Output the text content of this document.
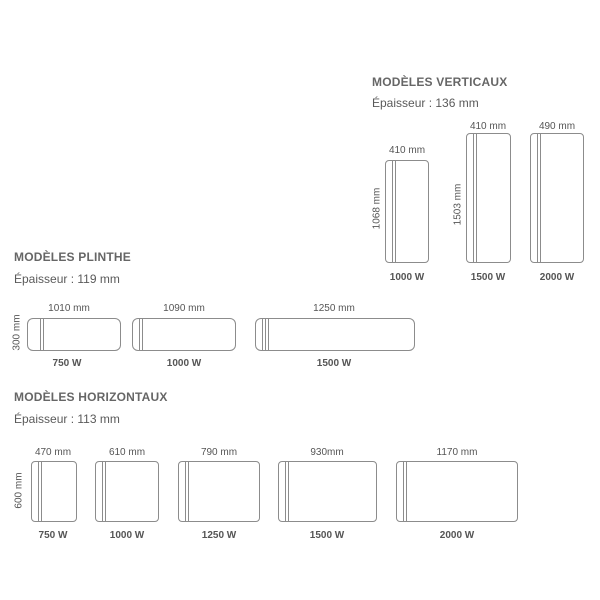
MODÈLES VERTICAUX
Épaisseur : 136 mm
410 mm
1068 mm
1000 W
410 mm
1503 mm
1500 W
490 mm
2000 W
MODÈLES PLINTHE
Épaisseur : 119 mm
300 mm
1010 mm
750 W
1090 mm
1000 W
1250 mm
1500 W
MODÈLES HORIZONTAUX
Épaisseur : 113 mm
600 mm
470 mm
750 W
610 mm
1000 W
790 mm
1250 W
930mm
1500 W
1170 mm
2000 W
